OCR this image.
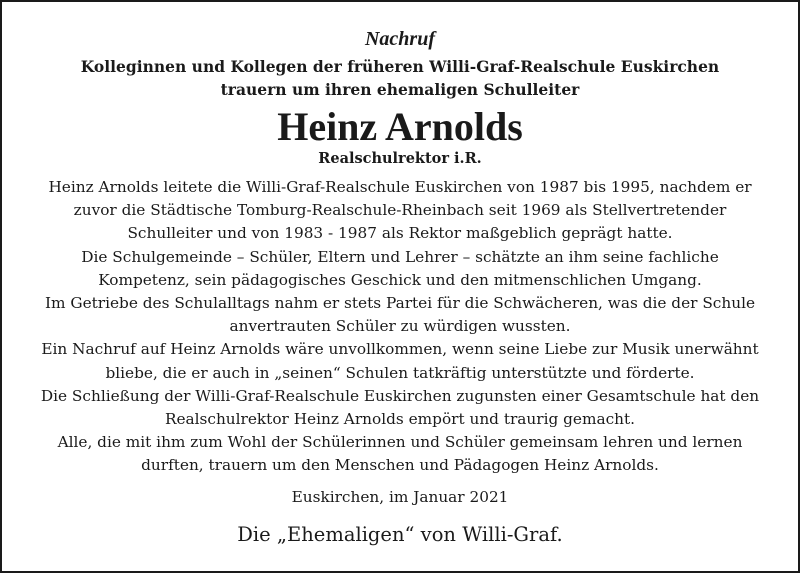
Nachruf
Kolleginnen und Kollegen der früheren Willi-Graf-Realschule Euskirchen
trauern um ihren ehemaligen Schulleiter
Heinz Arnolds
Realschulrektor i.R.

Heinz Arnolds leitete die Willi-Graf-Realschule Euskirchen von 1987 bis 1995, nachdem er

zuvor die Städtische Tomburg-Realschule-Rheinbach seit 1969 als Stellvertretender

Schulleiter und von 1983 - 1987 als Rektor maßgeblich geprägt hatte.

Die Schulgemeinde – Schüler, Eltern und Lehrer – schätzte an ihm seine fachliche

Kompetenz, sein pädagogisches Geschick und den mitmenschlichen Umgang.

Im Getriebe des Schulalltags nahm er stets Partei für die Schwächeren, was die der Schule

anvertrauten Schüler zu würdigen wussten.

Ein Nachruf auf Heinz Arnolds wäre unvollkommen, wenn seine Liebe zur Musik unerwähnt

bliebe, die er auch in „seinen“ Schulen tatkräftig unterstützte und förderte.

Die Schließung der Willi-Graf-Realschule Euskirchen zugunsten einer Gesamtschule hat den

Realschulrektor Heinz Arnolds empört und traurig gemacht.

Alle, die mit ihm zum Wohl der Schülerinnen und Schüler gemeinsam lehren und lernen

durften, trauern um den Menschen und Pädagogen Heinz Arnolds.

Euskirchen, im Januar 2021
Die „Ehemaligen“ von Willi-Graf.
